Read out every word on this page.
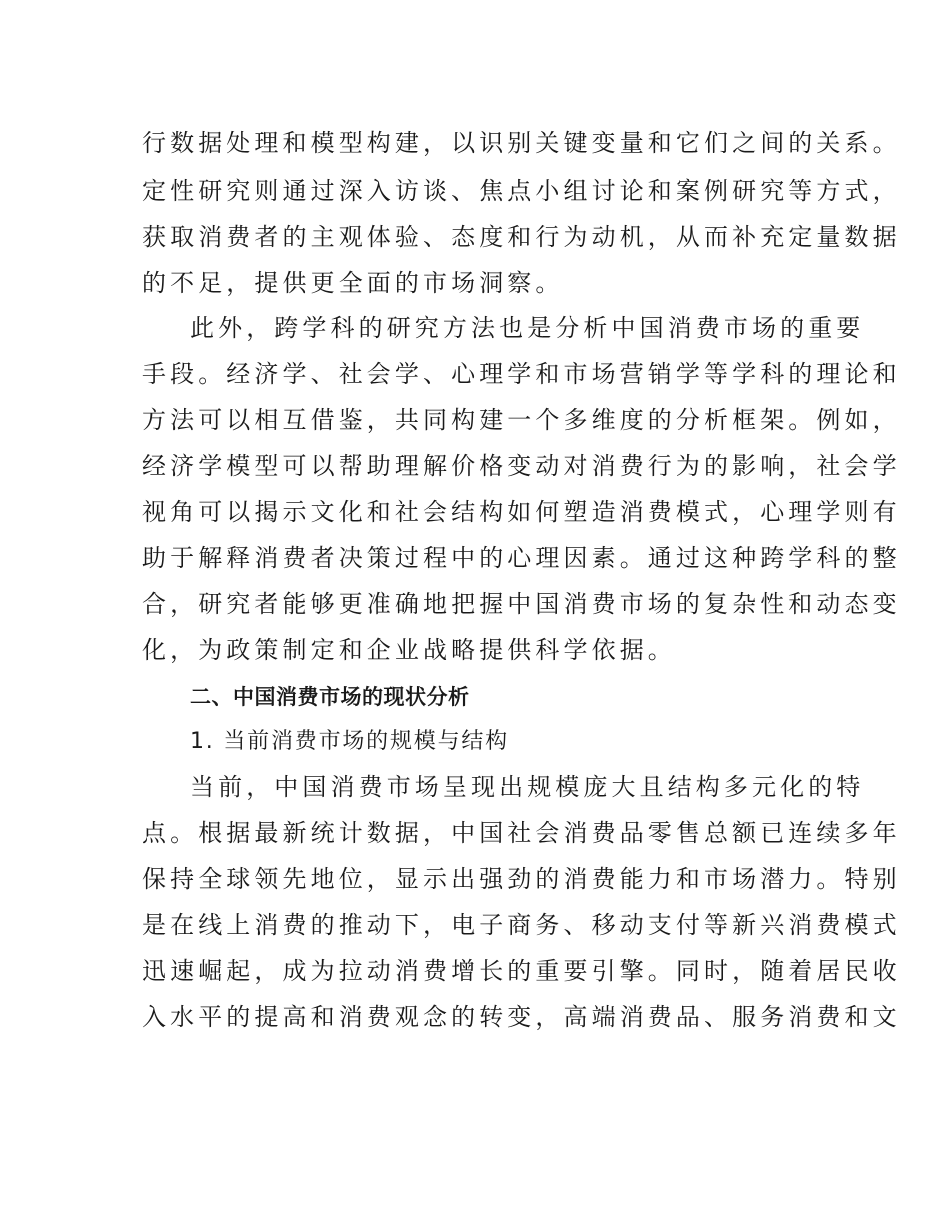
行数据处理和模型构建，以识别关键变量和它们之间的关系。
定性研究则通过深入访谈、焦点小组讨论和案例研究等方式，
获取消费者的主观体验、态度和行为动机，从而补充定量数据
的不足，提供更全面的市场洞察。
此外，跨学科的研究方法也是分析中国消费市场的重要
手段。经济学、社会学、心理学和市场营销学等学科的理论和
方法可以相互借鉴，共同构建一个多维度的分析框架。例如，
经济学模型可以帮助理解价格变动对消费行为的影响，社会学
视角可以揭示文化和社会结构如何塑造消费模式，心理学则有
助于解释消费者决策过程中的心理因素。通过这种跨学科的整
合，研究者能够更准确地把握中国消费市场的复杂性和动态变
化，为政策制定和企业战略提供科学依据。
二、中国消费市场的现状分析
1. 当前消费市场的规模与结构
当前，中国消费市场呈现出规模庞大且结构多元化的特
点。根据最新统计数据，中国社会消费品零售总额已连续多年
保持全球领先地位，显示出强劲的消费能力和市场潜力。特别
是在线上消费的推动下，电子商务、移动支付等新兴消费模式
迅速崛起，成为拉动消费增长的重要引擎。同时，随着居民收
入水平的提高和消费观念的转变，高端消费品、服务消费和文
